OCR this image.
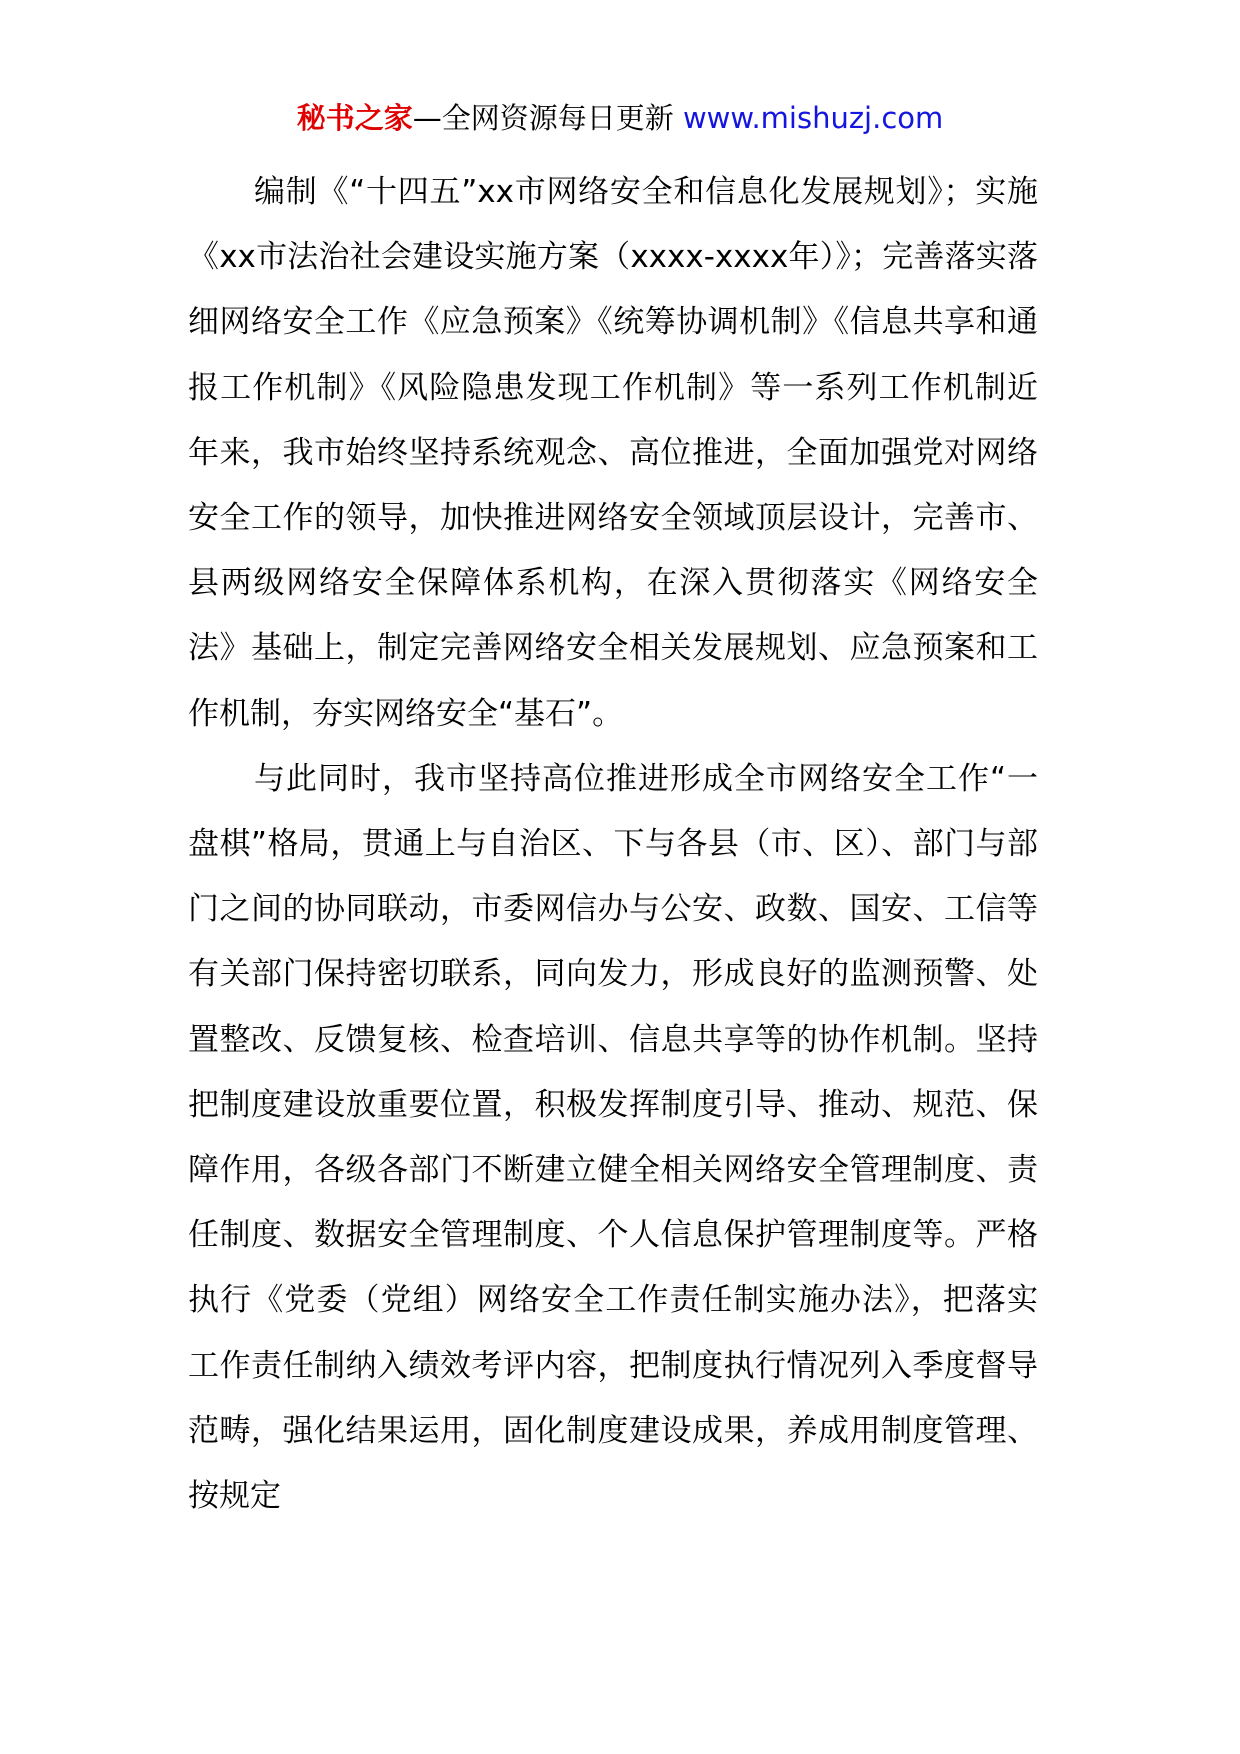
秘书之家—全网资源每日更新 www.mishuzj.com

编制《“十四五”xx市网络安全和信息化发展规划》；实施《xx市法治社会建设实施方案（xxxx-xxxx年）》；完善落实落细网络安全工作《应急预案》《统筹协调机制》《信息共享和通报工作机制》《风险隐患发现工作机制》等一系列工作机制近年来，我市始终坚持系统观念、高位推进，全面加强党对网络安全工作的领导，加快推进网络安全领域顶层设计，完善市、县两级网络安全保障体系机构，在深入贯彻落实《网络安全法》基础上，制定完善网络安全相关发展规划、应急预案和工作机制，夯实网络安全“基石”。

与此同时，我市坚持高位推进形成全市网络安全工作“一盘棋”格局，贯通上与自治区、下与各县（市、区）、部门与部门之间的协同联动，市委网信办与公安、政数、国安、工信等有关部门保持密切联系，同向发力，形成良好的监测预警、处置整改、反馈复核、检查培训、信息共享等的协作机制。坚持把制度建设放重要位置，积极发挥制度引导、推动、规范、保障作用，各级各部门不断建立健全相关网络安全管理制度、责任制度、数据安全管理制度、个人信息保护管理制度等。严格执行《党委（党组）网络安全工作责任制实施办法》，把落实工作责任制纳入绩效考评内容，把制度执行情况列入季度督导范畴，强化结果运用，固化制度建设成果，养成用制度管理、按规定
